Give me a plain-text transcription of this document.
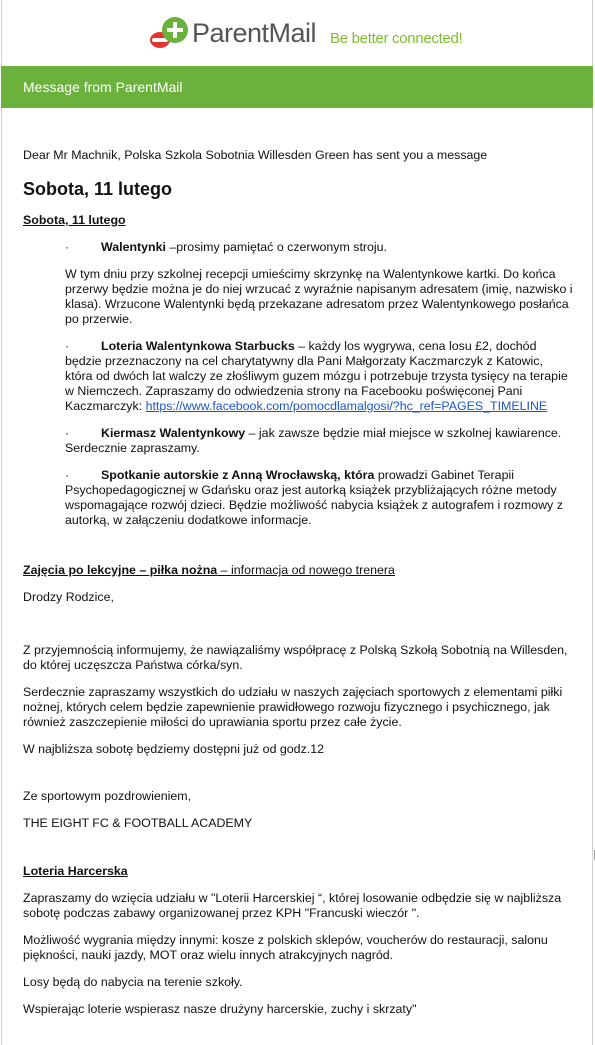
ParentMail Be better connected!
Message from ParentMail
Dear Mr Machnik, Polska Szkola Sobotnia Willesden Green has sent you a message
Sobota, 11 lutego
Sobota, 11 lutego
·	Walentynki –prosimy pamiętać o czerwonym stroju.

W tym dniu przy szkolnej recepcji umieścimy skrzynkę na Walentynkowe kartki. Do końca przerwy będzie można je do niej wrzucać z wyraźnie napisanym adresatem (imię, nazwisko i klasa). Wrzucone Walentynki będą przekazane adresatom przez Walentynkowego posłańca po przerwie.

·	Loteria Walentynkowa Starbucks – każdy los wygrywa, cena losu £2, dochód będzie przeznaczony na cel charytatywny dla Pani Małgorzaty Kaczmarczyk z Katowic, która od dwóch lat walczy ze złośliwym guzem mózgu i potrzebuje trzysta tysięcy na terapie w Niemczech. Zapraszamy do odwiedzenia strony na Facebooku poświęconej Pani Kaczmarczyk: https://www.facebook.com/pomocdlamalgosi/?hc_ref=PAGES_TIMELINE
·	Kiermasz Walentynkowy – jak zawsze będzie miał miejsce w szkolnej kawiarence. Serdecznie zapraszamy.
·	Spotkanie autorskie z Anną Wrocławską, która prowadzi Gabinet Terapii Psychopedagogicznej w Gdańsku oraz jest autorką książek przybliżających różne metody wspomagające rozwój dzieci. Będzie możliwość nabycia książek z autografem i rozmowy z autorką, w załączeniu dodatkowe informacje.
Zajęcia po lekcyjne – piłka nożna – informacja od nowego trenera

Drodzy Rodzice,

Z przyjemnością informujemy, że nawiązaliśmy współpracę z Polską Szkołą Sobotnią na Willesden, do której uczęszcza Państwa córka/syn.

Serdecznie zapraszamy wszystkich do udziału w naszych zajęciach sportowych z elementami piłki nożnej, których celem będzie zapewnienie prawidłowego rozwoju fizycznego i psychicznego, jak również zaszczepienie miłości do uprawiania sportu przez całe życie.

W najbliższa sobotę będziemy dostępni już od godz.12

Ze sportowym pozdrowieniem,

THE EIGHT FC & FOOTBALL ACADEMY

Loteria Harcerska

Zapraszamy do wzięcia udziału w "Loterii Harcerskiej “, której losowanie odbędzie się w najbliższa sobotę podczas zabawy organizowanej przez KPH "Francuski wieczór ".

Możliwość wygrania między innymi: kosze z polskich sklepów, voucherów do restauracji, salonu piękności, nauki jazdy, MOT oraz wielu innych atrakcyjnych nagród.

Losy będą do nabycia na terenie szkoły.

Wspierając loterie wspierasz nasze drużyny harcerskie, zuchy i skrzaty"
